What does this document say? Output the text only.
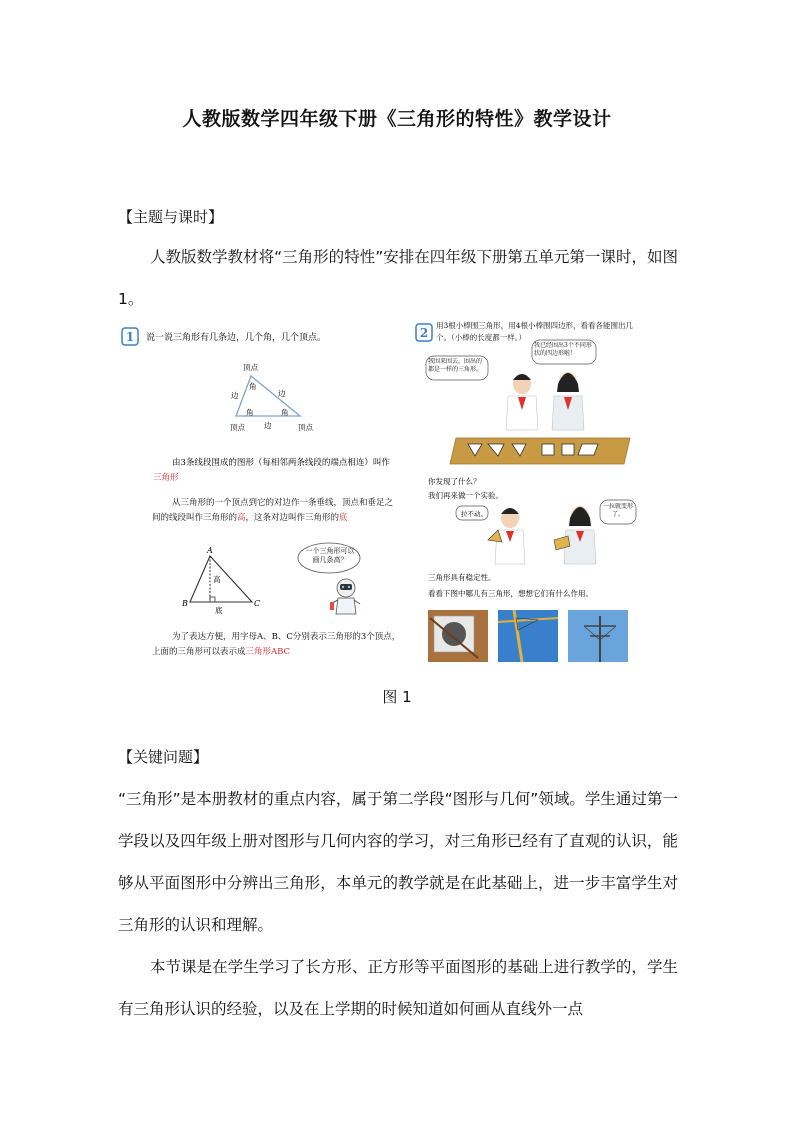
人教版数学四年级下册《三角形的特性》教学设计
【主题与课时】
人教版数学教材将“三角形的特性”安排在四年级下册第五单元第一课时，如图 1。
1 说一说三角形有几条边，几个角，几个顶点。
顶点
顶点	顶点
边	边
边
角
角	角
由3条线段围成的图形（每相邻两条线段的端点相连）叫作
三角形
从三角形的一个顶点到它的对边作一条垂线，顶点和垂足之间的线段叫作三角形的高，这条对边叫作三角形的底
A
B	C
高
底
一个三角形可以画几条高？
为了表达方便，用字母A、B、C分别表示三角形的3个顶点，上面的三角形可以表示成三角形ABC
2
用3根小棒围三角形，用4根小棒围四边形，看看各能围出几个。（小棒的长度都一样。）
我围来围去，围出的都是一样的三角形。
我已经围出3个不同形状的四边形啦！
你发现了什么？
我们再来做一个实验。
拉不动。
一拉就变形了。
三角形具有稳定性。
看看下图中哪儿有三角形，想想它们有什么作用。
图 1
【关键问题】
“三角形”是本册教材的重点内容，属于第二学段“图形与几何”领域。学生通过第一学段以及四年级上册对图形与几何内容的学习，对三角形已经有了直观的认识，能够从平面图形中分辨出三角形，本单元的教学就是在此基础上，进一步丰富学生对三角形的认识和理解。
本节课是在学生学习了长方形、正方形等平面图形的基础上进行教学的，学生有三角形认识的经验，以及在上学期的时候知道如何画从直线外一点
